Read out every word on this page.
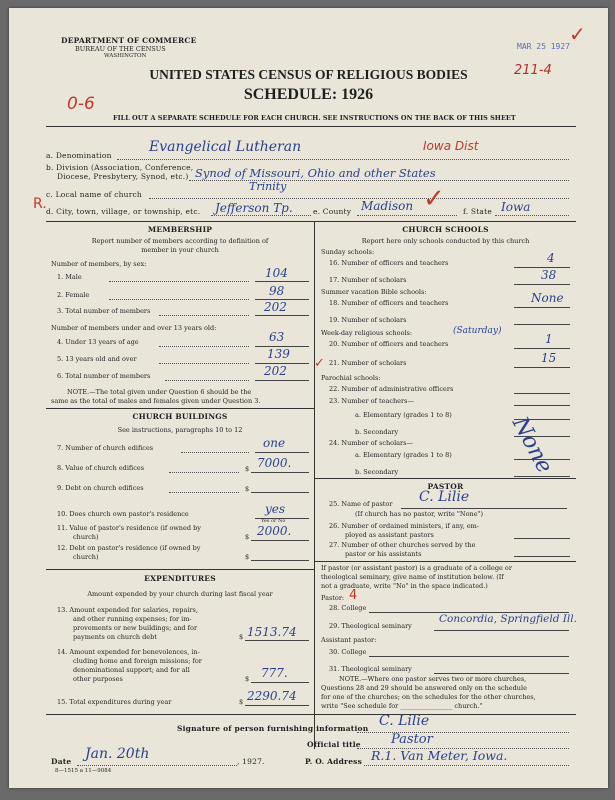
DEPARTMENT OF COMMERCE
BUREAU OF THE CENSUS
WASHINGTON
MAR 25 1927
211-4
✓
UNITED STATES CENSUS OF RELIGIOUS BODIES
SCHEDULE: 1926
0-6
FILL OUT A SEPARATE SCHEDULE FOR EACH CHURCH. SEE INSTRUCTIONS ON THE BACK OF THIS SHEET
a. Denomination
Evangelical Lutheran	Iowa Dist
b. Division (Association, Conference,
Diocese, Presbytery, Synod, etc.) Synod of Missouri, Ohio and other States
c. Local name of church
Trinity
R. d. City, town, village, or township, etc. Jefferson Tp.	e. County Madison ✓ f. State Iowa
MEMBERSHIP
Report number of members according to definition of
member in your church
Number of members, by sex:
1. Male	104
2. Female	98
3. Total number of members	202
Number of members under and over 13 years old:
4. Under 13 years of age	63
5. 13 years old and over	139
6. Total number of members	202 ✓
NOTE.—The total given under Question 6 should be the
same as the total of males and females given under Question 3.
CHURCH BUILDINGS
See instructions, paragraphs 10 to 12
7. Number of church edifices	one
8. Value of church edifices	$ 7000.
9. Debt on church edifices	$
10. Does church own pastor's residence	yes
Yes or No
11. Value of pastor's residence (if owned by
church)	$ 2000.
12. Debt on pastor's residence (if owned by
church)	$
EXPENDITURES
Amount expended by your church during last fiscal year
13. Amount expended for salaries, repairs,
and other running expenses; for im-
provements or new buildings; and for
payments on church debt	$ 1513.74
14. Amount expended for benevolences, in-
cluding home and foreign missions; for
denominational support; and for all
other purposes	$ 777.
15. Total expenditures during year	$ 2290.74
CHURCH SCHOOLS
Report here only schools conducted by this church
Sunday schools:
16. Number of officers and teachers	4
17. Number of scholars	38
Summer vacation Bible schools:
18. Number of officers and teachers	None
19. Number of scholars
Week-day religious schools:	(Saturday)
20. Number of officers and teachers	1
21. Number of scholars	15
Parochial schools:
22. Number of administrative officers
23. Number of teachers—
a. Elementary (grades 1 to 8)
b. Secondary
24. Number of scholars—
a. Elementary (grades 1 to 8)
b. Secondary	None
PASTOR
25. Name of pastor C. Lilie
(If church has no pastor, write "None")
26. Number of ordained ministers, if any, em-
ployed as assistant pastors
27. Number of other churches served by the
pastor or his assistants
If pastor (or assistant pastor) is a graduate of a college or
theological seminary, give name of institution below. (If
not a graduate, write "No" in the space indicated.)
Pastor: 4
28. College
29. Theological seminary
Concordia, Springfield Ill.
Assistant pastor:
30. College
31. Theological seminary
NOTE.—Where one pastor serves two or more churches,
Questions 28 and 29 should be answered only on the schedule
for one of the churches; on the schedules for the other churches,
write "See schedule for ________________ church."
Signature of person furnishing information C. Lilie
Official title Pastor
Date Jan. 20th	, 1927.	P. O. Address R.1. Van Meter, Iowa.
8—1515 a 11—9084
